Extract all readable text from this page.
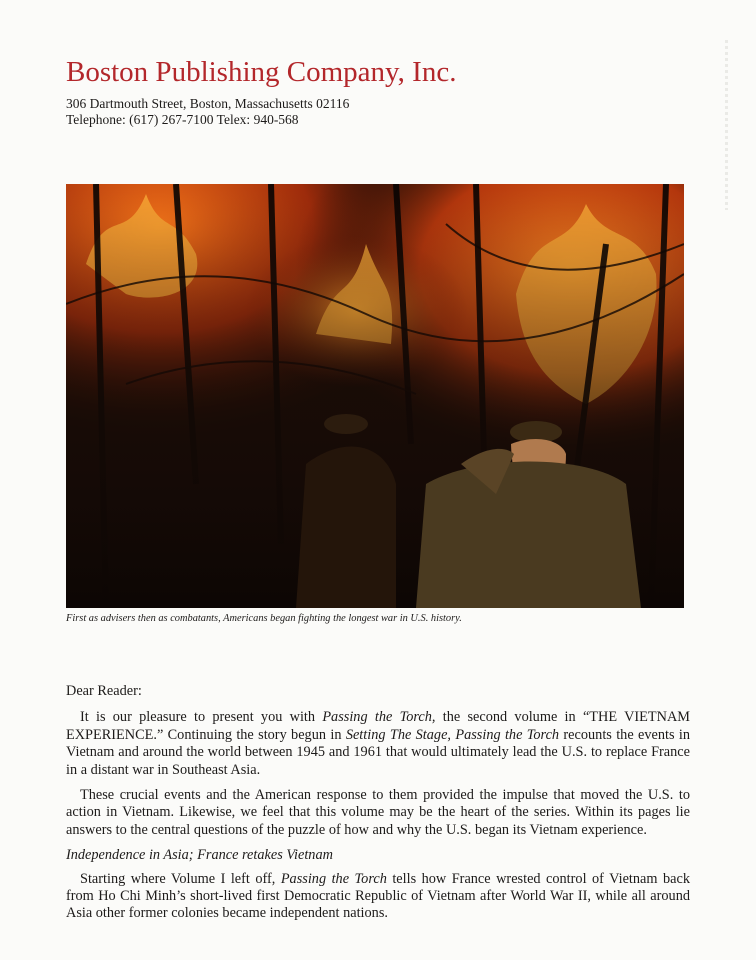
Boston Publishing Company, Inc.
306 Dartmouth Street, Boston, Massachusetts 02116
Telephone: (617) 267-7100 Telex: 940-568
First as advisers then as combatants, Americans began fighting the longest war in U.S. history.

Dear Reader:

It is our pleasure to present you with Passing the Torch, the second volume in “THE VIETNAM EXPERIENCE.” Continuing the story begun in Setting The Stage, Passing the Torch recounts the events in Vietnam and around the world between 1945 and 1961 that would ultimately lead the U.S. to replace France in a distant war in Southeast Asia.

These crucial events and the American response to them provided the impulse that moved the U.S. to action in Vietnam. Likewise, we feel that this volume may be the heart of the series. Within its pages lie answers to the central questions of the puzzle of how and why the U.S. began its Vietnam experience.

Independence in Asia; France retakes Vietnam

Starting where Volume I left off, Passing the Torch tells how France wrested control of Vietnam back from Ho Chi Minh’s short-lived first Democratic Republic of Vietnam after World War II, while all around Asia other former colonies became independent nations.
